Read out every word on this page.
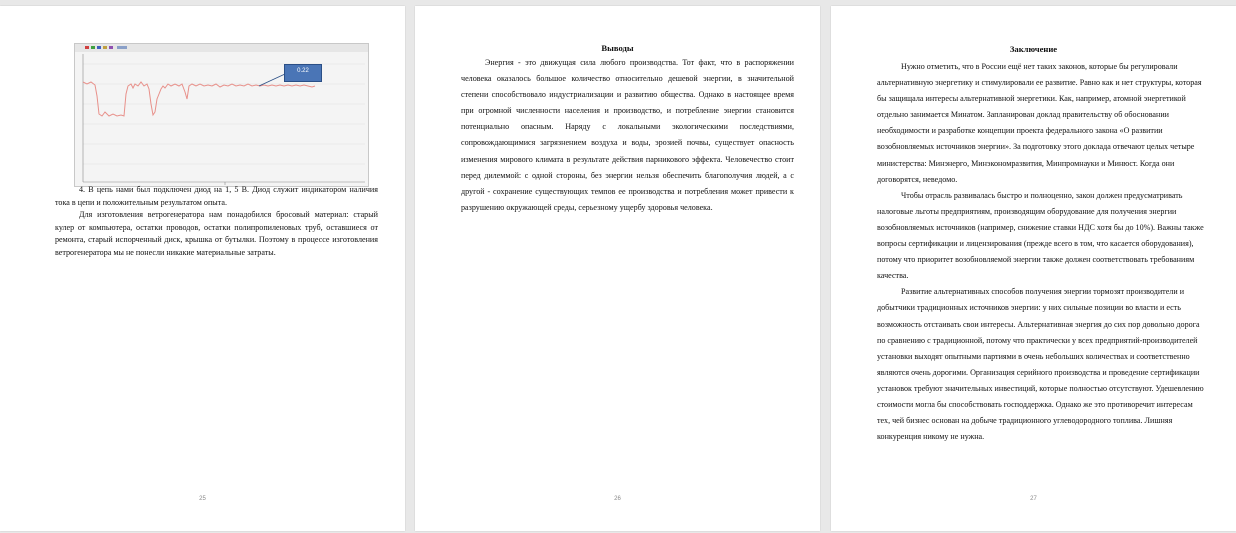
0.22

4. В цепь нами был подключен диод на 1, 5 В. Диод служит индикатором наличия тока в цепи и положительным результатом опыта.

Для изготовления ветрогенератора нам понадобился бросовый материал: старый кулер от компьютера, остатки проводов, остатки полипропиленовых труб, оставшиеся от ремонта, старый испорченный диск, крышка от бутылки. Поэтому в процессе изготовления ветрогенератора мы не понесли никакие материальные затраты.

25
Выводы

Энергия - это движущая сила любого производства. Тот факт, что в распоряжении человека оказалось большое количество относительно дешевой энергии, в значительной степени способствовало индустриализации и развитию общества. Однако в настоящее время при огромной численности населения и производство, и потребление энергии становится потенциально опасным. Наряду с локальными экологическими последствиями, сопровождающимися загрязнением воздуха и воды, эрозией почвы, существует опасность изменения мирового климата в результате действия парникового эффекта. Человечество стоит перед дилеммой: с одной стороны, без энергии нельзя обеспечить благополучия людей, а с другой - сохранение существующих темпов ее производства и потребления может привести к разрушению окружающей среды, серьезному ущербу здоровья человека.

26
Заключение

Нужно отметить, что в России ещё нет таких законов, которые бы регулировали альтернативную энергетику и стимулировали ее развитие. Равно как и нет структуры, которая бы защищала интересы альтернативной энергетики. Как, например, атомной энергетикой отдельно занимается Минатом. Запланирован доклад правительству об обосновании необходимости и разработке концепции проекта федерального закона «О развитии возобновляемых источников энергии». За подготовку этого доклада отвечают целых четыре министерства: Минэнерго, Минэкономразвития, Минпромнауки и Минюст. Когда они договорятся, неведомо.

Чтобы отрасль развивалась быстро и полноценно, закон должен предусматривать налоговые льготы предприятиям, производящим оборудование для получения энергии возобновляемых источников (например, снижение ставки НДС хотя бы до 10%). Важны также вопросы сертификации и лицензирования (прежде всего в том, что касается оборудования), потому что приоритет возобновляемой энергии также должен соответствовать требованиям качества.

Развитие альтернативных способов получения энергии тормозят производители и добытчики традиционных источников энергии: у них сильные позиции во власти и есть возможность отстаивать свои интересы. Альтернативная энергия до сих пор довольно дорога по сравнению с традиционной, потому что практически у всех предприятий-производителей установки выходят опытными партиями в очень небольших количествах и соответственно являются очень дорогими. Организация серийного производства и проведение сертификации установок требуют значительных инвестиций, которые полностью отсутствуют. Удешевлению стоимости могла бы способствовать господдержка. Однако же это противоречит интересам тех, чей бизнес основан на добыче традиционного углеводородного топлива. Лишняя конкуренция никому не нужна.

27
